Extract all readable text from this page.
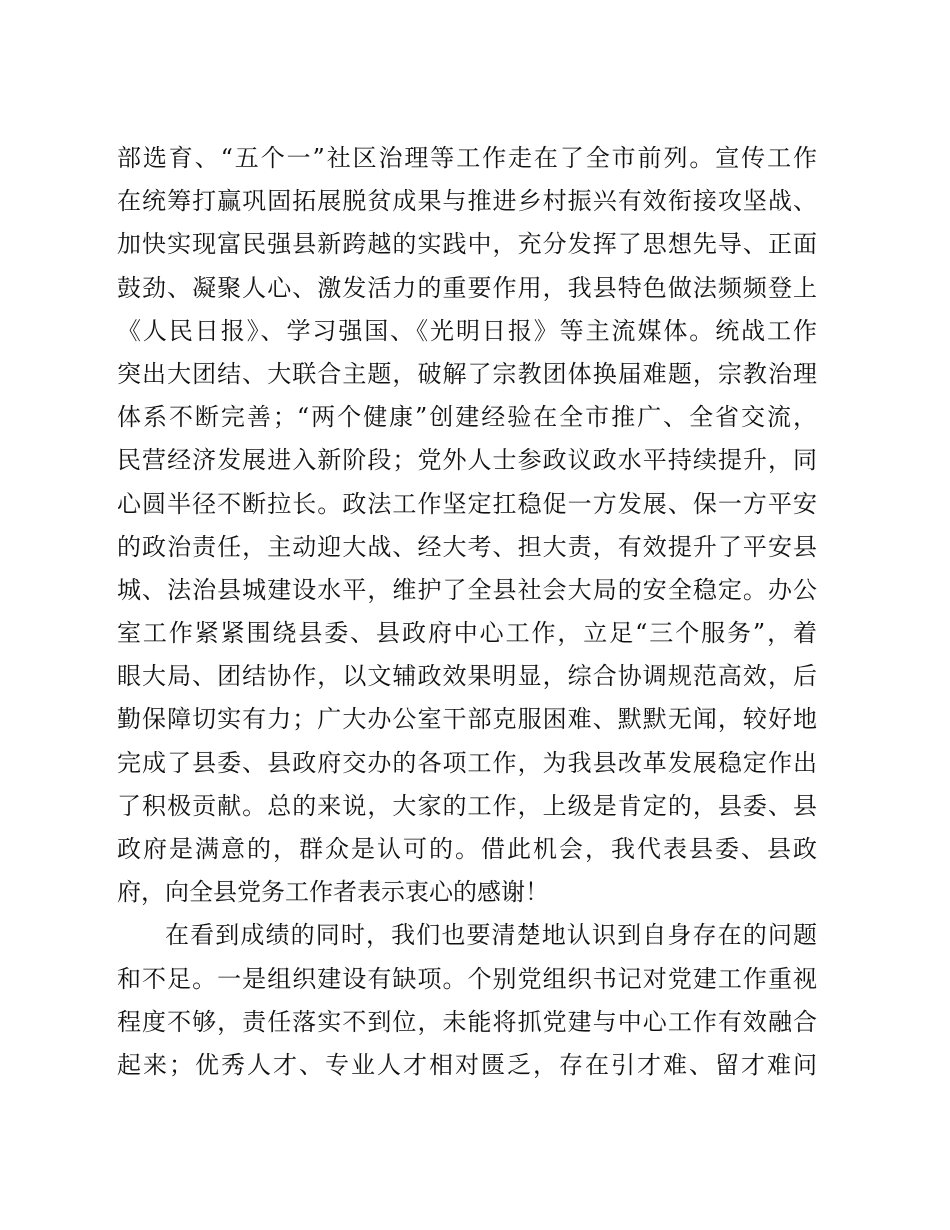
部选育、“五个一”社区治理等工作走在了全市前列。宣传工作
在统筹打赢巩固拓展脱贫成果与推进乡村振兴有效衔接攻坚战、
加快实现富民强县新跨越的实践中，充分发挥了思想先导、正面
鼓劲、凝聚人心、激发活力的重要作用，我县特色做法频频登上
《人民日报》、学习强国、《光明日报》等主流媒体。统战工作
突出大团结、大联合主题，破解了宗教团体换届难题，宗教治理
体系不断完善；“两个健康”创建经验在全市推广、全省交流，
民营经济发展进入新阶段；党外人士参政议政水平持续提升，同
心圆半径不断拉长。政法工作坚定扛稳促一方发展、保一方平安
的政治责任，主动迎大战、经大考、担大责，有效提升了平安县
城、法治县城建设水平，维护了全县社会大局的安全稳定。办公
室工作紧紧围绕县委、县政府中心工作，立足“三个服务”，着
眼大局、团结协作，以文辅政效果明显，综合协调规范高效，后
勤保障切实有力；广大办公室干部克服困难、默默无闻，较好地
完成了县委、县政府交办的各项工作，为我县改革发展稳定作出
了积极贡献。总的来说，大家的工作，上级是肯定的，县委、县
政府是满意的，群众是认可的。借此机会，我代表县委、县政
府，向全县党务工作者表示衷心的感谢！
在看到成绩的同时，我们也要清楚地认识到自身存在的问题
和不足。一是组织建设有缺项。个别党组织书记对党建工作重视
程度不够，责任落实不到位，未能将抓党建与中心工作有效融合
起来；优秀人才、专业人才相对匮乏，存在引才难、留才难问
